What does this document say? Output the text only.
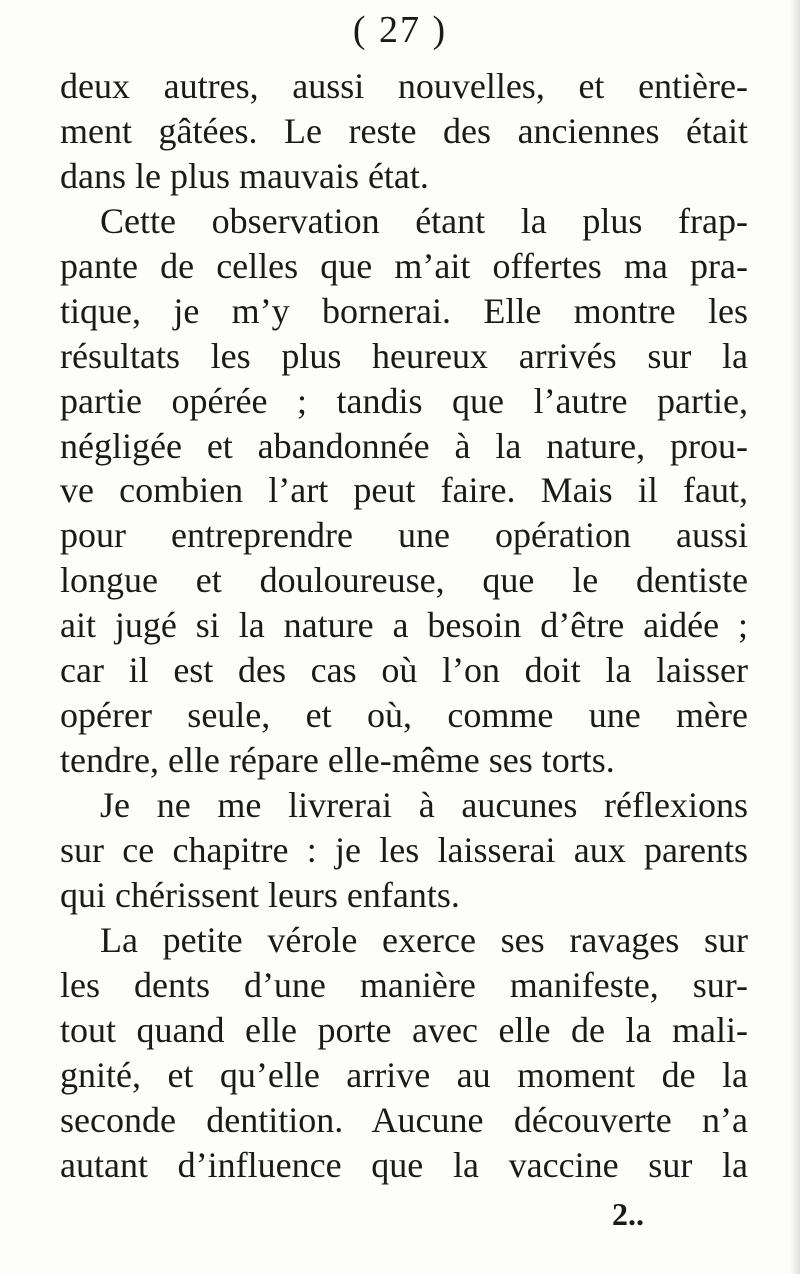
( 27 )
deux autres, aussi nouvelles, et entière-
ment gâtées. Le reste des anciennes était
dans le plus mauvais état.
Cette observation étant la plus frap-
pante de celles que m’ait offertes ma pra-
tique, je m’y bornerai. Elle montre les
résultats les plus heureux arrivés sur la
partie opérée ; tandis que l’autre partie,
négligée et abandonnée à la nature, prou-
ve combien l’art peut faire. Mais il faut,
pour entreprendre une opération aussi
longue et douloureuse, que le dentiste
ait jugé si la nature a besoin d’être aidée ;
car il est des cas où l’on doit la laisser
opérer seule, et où, comme une mère
tendre, elle répare elle-même ses torts.
Je ne me livrerai à aucunes réflexions
sur ce chapitre : je les laisserai aux parents
qui chérissent leurs enfants.
La petite vérole exerce ses ravages sur
les dents d’une manière manifeste, sur-
tout quand elle porte avec elle de la mali-
gnité, et qu’elle arrive au moment de la
seconde dentition. Aucune découverte n’a
autant d’influence que la vaccine sur la
2..
